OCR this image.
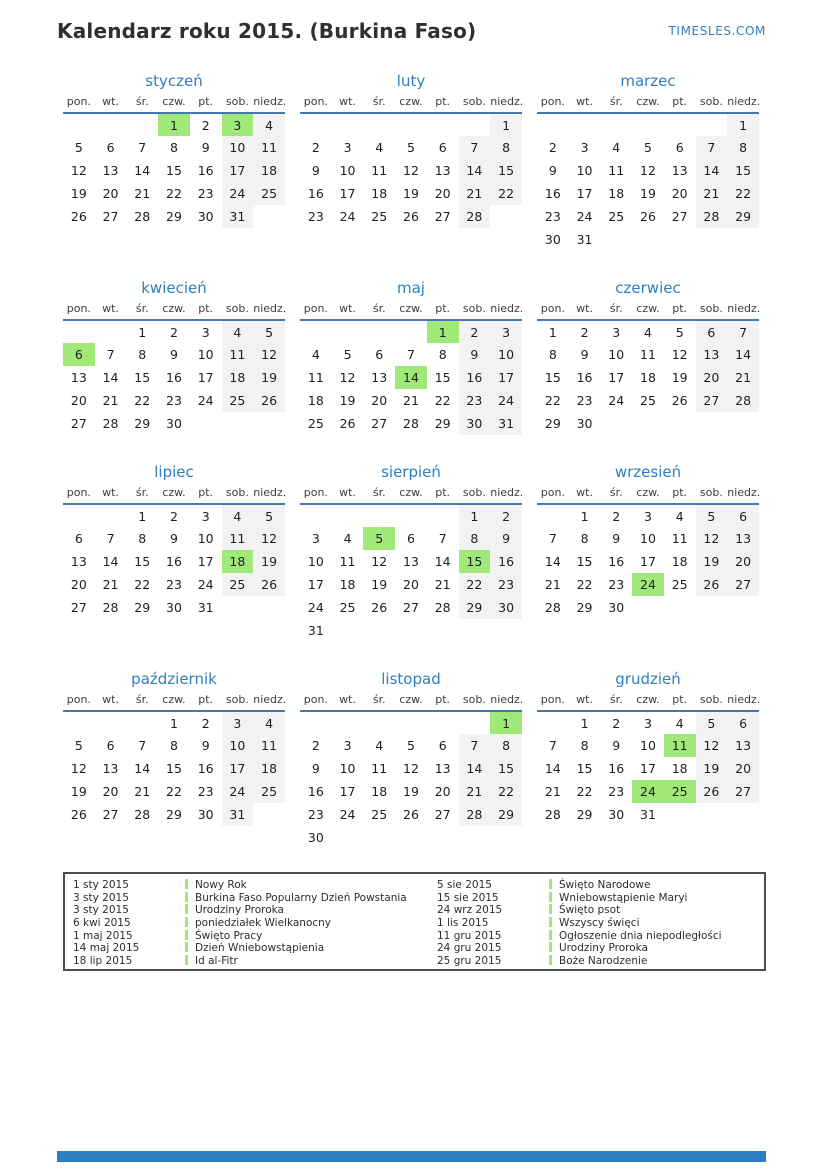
Kalendarz roku 2015. (Burkina Faso)	TIMESLES.COM
styczeń
pon.	wt.	śr.	czw.	pt.	sob.	niedz.
			1	2	3	4
5	6	7	8	9	10	11
12	13	14	15	16	17	18
19	20	21	22	23	24	25
26	27	28	29	30	31	
luty
pon.	wt.	śr.	czw.	pt.	sob.	niedz.
						1
2	3	4	5	6	7	8
9	10	11	12	13	14	15
16	17	18	19	20	21	22
23	24	25	26	27	28	
marzec
pon.	wt.	śr.	czw.	pt.	sob.	niedz.
						1
2	3	4	5	6	7	8
9	10	11	12	13	14	15
16	17	18	19	20	21	22
23	24	25	26	27	28	29
30	31					
kwiecień
pon.	wt.	śr.	czw.	pt.	sob.	niedz.
		1	2	3	4	5
6	7	8	9	10	11	12
13	14	15	16	17	18	19
20	21	22	23	24	25	26
27	28	29	30			
maj
pon.	wt.	śr.	czw.	pt.	sob.	niedz.
				1	2	3
4	5	6	7	8	9	10
11	12	13	14	15	16	17
18	19	20	21	22	23	24
25	26	27	28	29	30	31
czerwiec
pon.	wt.	śr.	czw.	pt.	sob.	niedz.
1	2	3	4	5	6	7
8	9	10	11	12	13	14
15	16	17	18	19	20	21
22	23	24	25	26	27	28
29	30					
lipiec
pon.	wt.	śr.	czw.	pt.	sob.	niedz.
		1	2	3	4	5
6	7	8	9	10	11	12
13	14	15	16	17	18	19
20	21	22	23	24	25	26
27	28	29	30	31		
sierpień
pon.	wt.	śr.	czw.	pt.	sob.	niedz.
					1	2
3	4	5	6	7	8	9
10	11	12	13	14	15	16
17	18	19	20	21	22	23
24	25	26	27	28	29	30
31						
wrzesień
pon.	wt.	śr.	czw.	pt.	sob.	niedz.
	1	2	3	4	5	6
7	8	9	10	11	12	13
14	15	16	17	18	19	20
21	22	23	24	25	26	27
28	29	30				
październik
pon.	wt.	śr.	czw.	pt.	sob.	niedz.
			1	2	3	4
5	6	7	8	9	10	11
12	13	14	15	16	17	18
19	20	21	22	23	24	25
26	27	28	29	30	31	
listopad
pon.	wt.	śr.	czw.	pt.	sob.	niedz.
						1
2	3	4	5	6	7	8
9	10	11	12	13	14	15
16	17	18	19	20	21	22
23	24	25	26	27	28	29
30						
grudzień
pon.	wt.	śr.	czw.	pt.	sob.	niedz.
	1	2	3	4	5	6
7	8	9	10	11	12	13
14	15	16	17	18	19	20
21	22	23	24	25	26	27
28	29	30	31			
1 sty 2015	Nowy Rok
3 sty 2015	Burkina Faso Popularny Dzień Powstania
3 sty 2015	Urodziny Proroka
6 kwi 2015	poniedziałek Wielkanocny
1 maj 2015	Święto Pracy
14 maj 2015	Dzień Wniebowstąpienia
18 lip 2015	Id al-Fitr
5 sie 2015	Święto Narodowe
15 sie 2015	Wniebowstąpienie Maryi
24 wrz 2015	Święto psot
1 lis 2015	Wszyscy święci
11 gru 2015	Ogłoszenie dnia niepodległości
24 gru 2015	Urodziny Proroka
25 gru 2015	Boże Narodzenie
